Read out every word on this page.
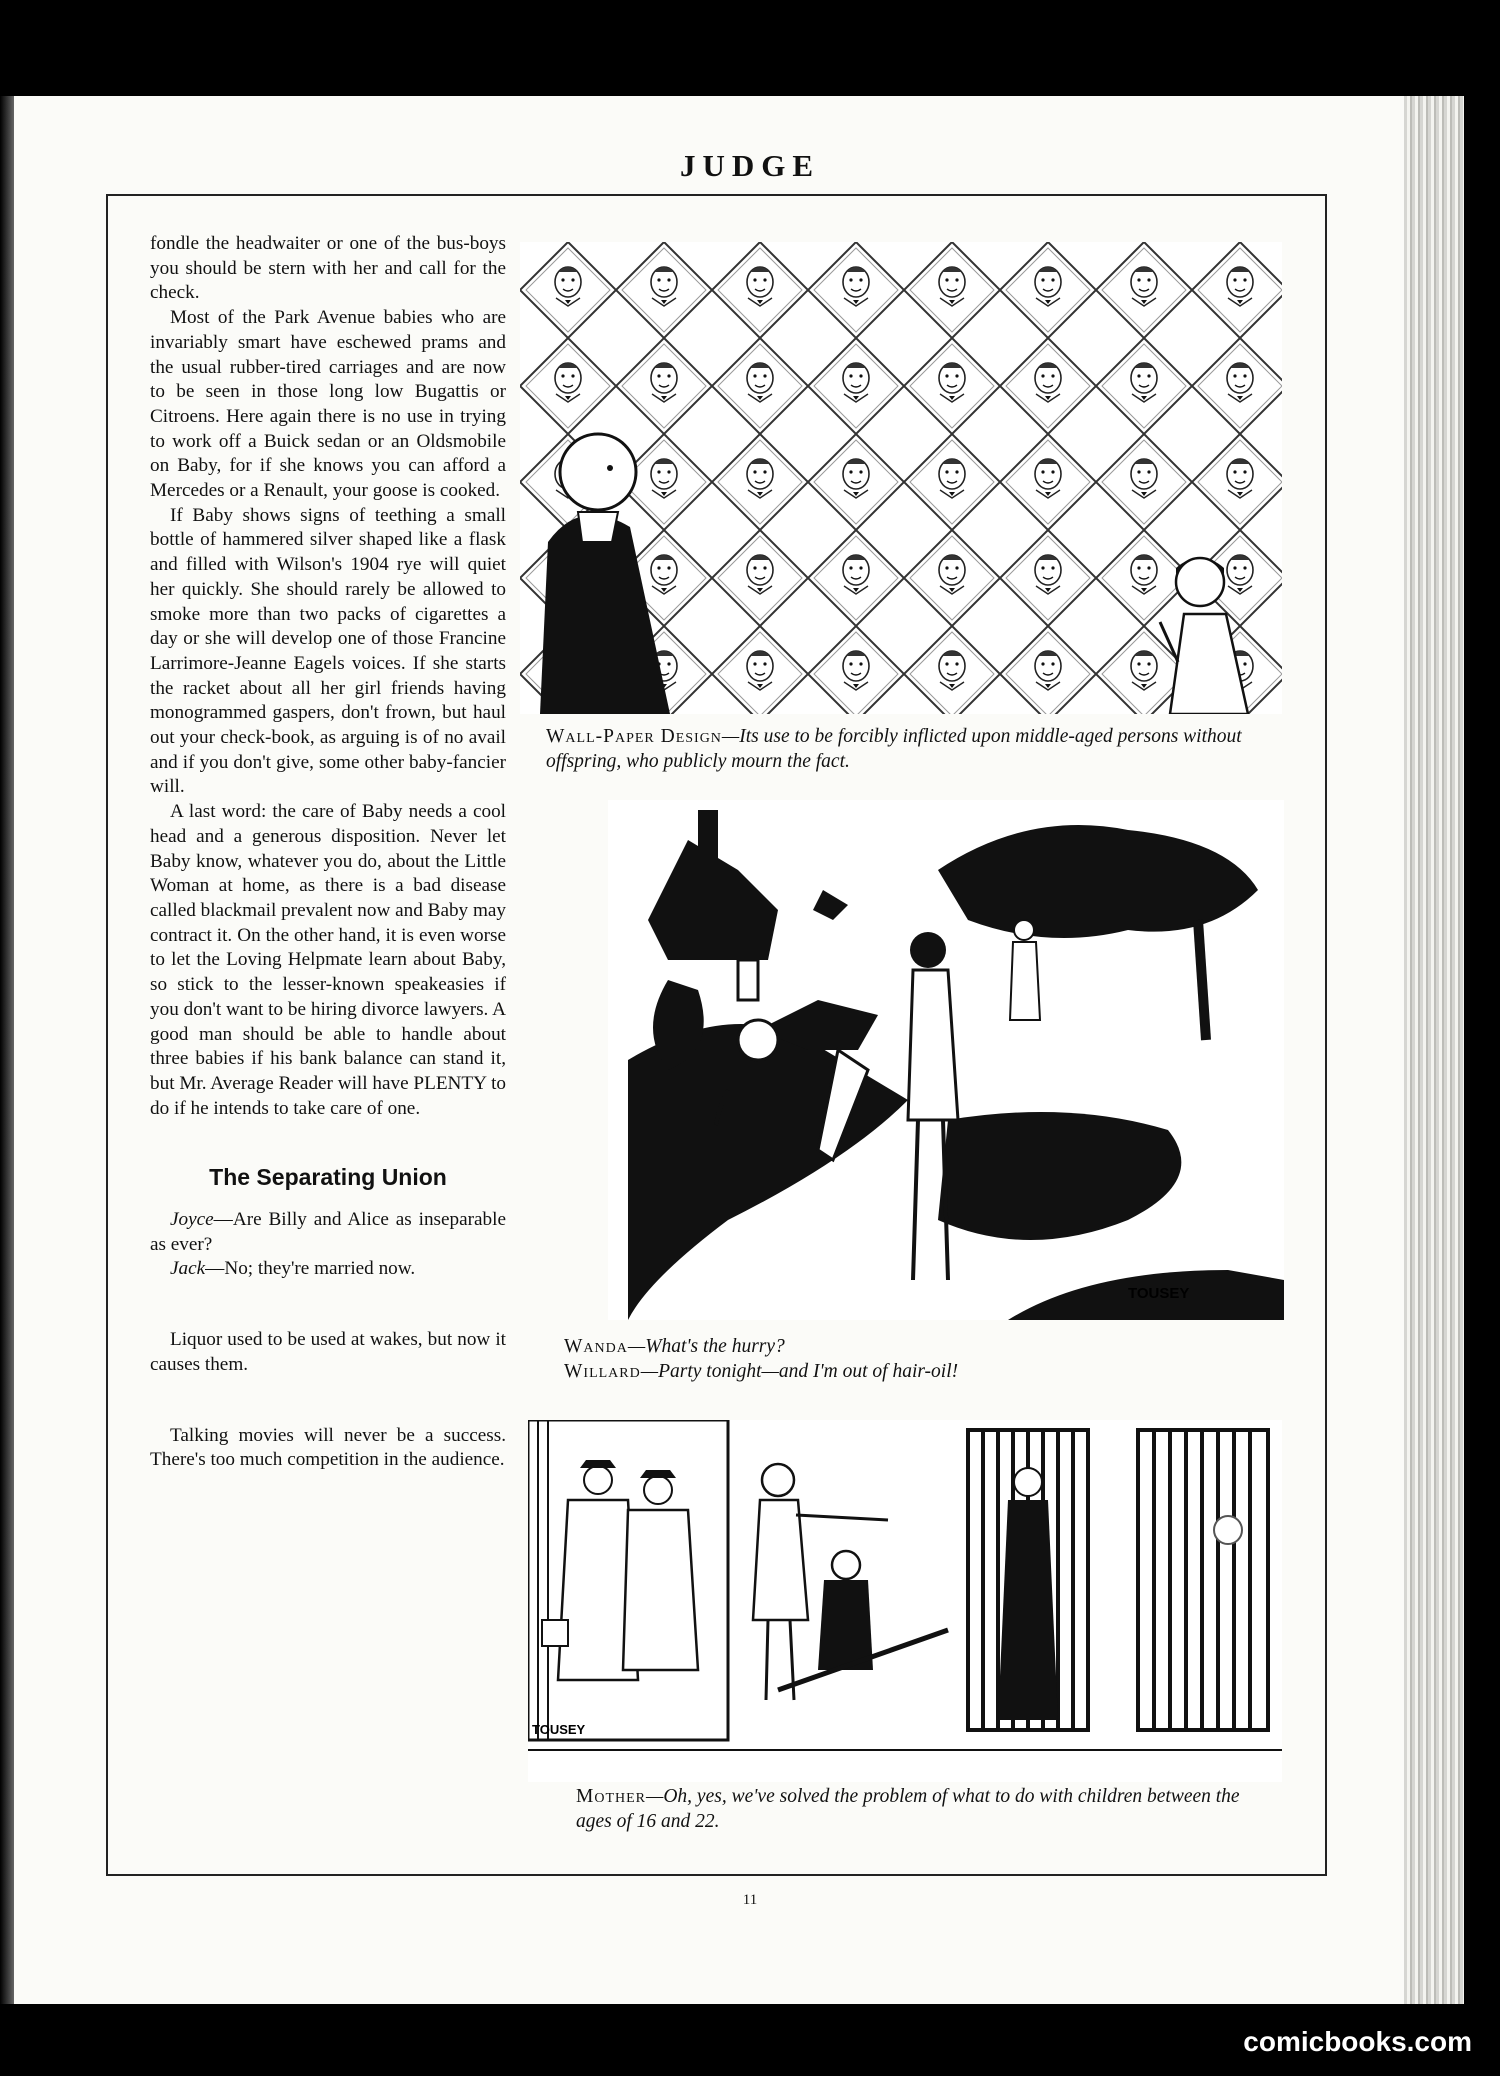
JUDGE

fondle the headwaiter or one of the bus-boys you should be stern with her and call for the check.

Most of the Park Avenue babies who are invariably smart have eschewed prams and the usual rubber-tired carriages and are now to be seen in those long low Bugattis or Citroens. Here again there is no use in trying to work off a Buick sedan or an Oldsmobile on Baby, for if she knows you can afford a Mercedes or a Renault, your goose is cooked.

If Baby shows signs of teething a small bottle of hammered silver shaped like a flask and filled with Wilson's 1904 rye will quiet her quickly. She should rarely be allowed to smoke more than two packs of cigarettes a day or she will develop one of those Francine Larrimore-Jeanne Eagels voices. If she starts the racket about all her girl friends having monogrammed gaspers, don't frown, but haul out your check-book, as arguing is of no avail and if you don't give, some other baby-fancier will.

A last word: the care of Baby needs a cool head and a generous disposition. Never let Baby know, whatever you do, about the Little Woman at home, as there is a bad disease called blackmail prevalent now and Baby may contract it. On the other hand, it is even worse to let the Loving Helpmate learn about Baby, so stick to the lesser-known speakeasies if you don't want to be hiring divorce lawyers. A good man should be able to handle about three babies if his bank balance can stand it, but Mr. Average Reader will have PLENTY to do if he intends to take care of one.

The Separating Union

Joyce—Are Billy and Alice as inseparable as ever?

Jack—No; they're married now.

Liquor used to be used at wakes, but now it causes them.

Talking movies will never be a success. There's too much competition in the audience.

Wall-Paper Design—Its use to be forcibly inflicted upon middle-aged persons without offspring, who publicly mourn the fact.
TOUSEY
Wanda—What's the hurry?
Willard—Party tonight—and I'm out of hair-oil!
TOUSEY
Mother—Oh, yes, we've solved the problem of what to do with children between the ages of 16 and 22.
11
comicbooks.com
